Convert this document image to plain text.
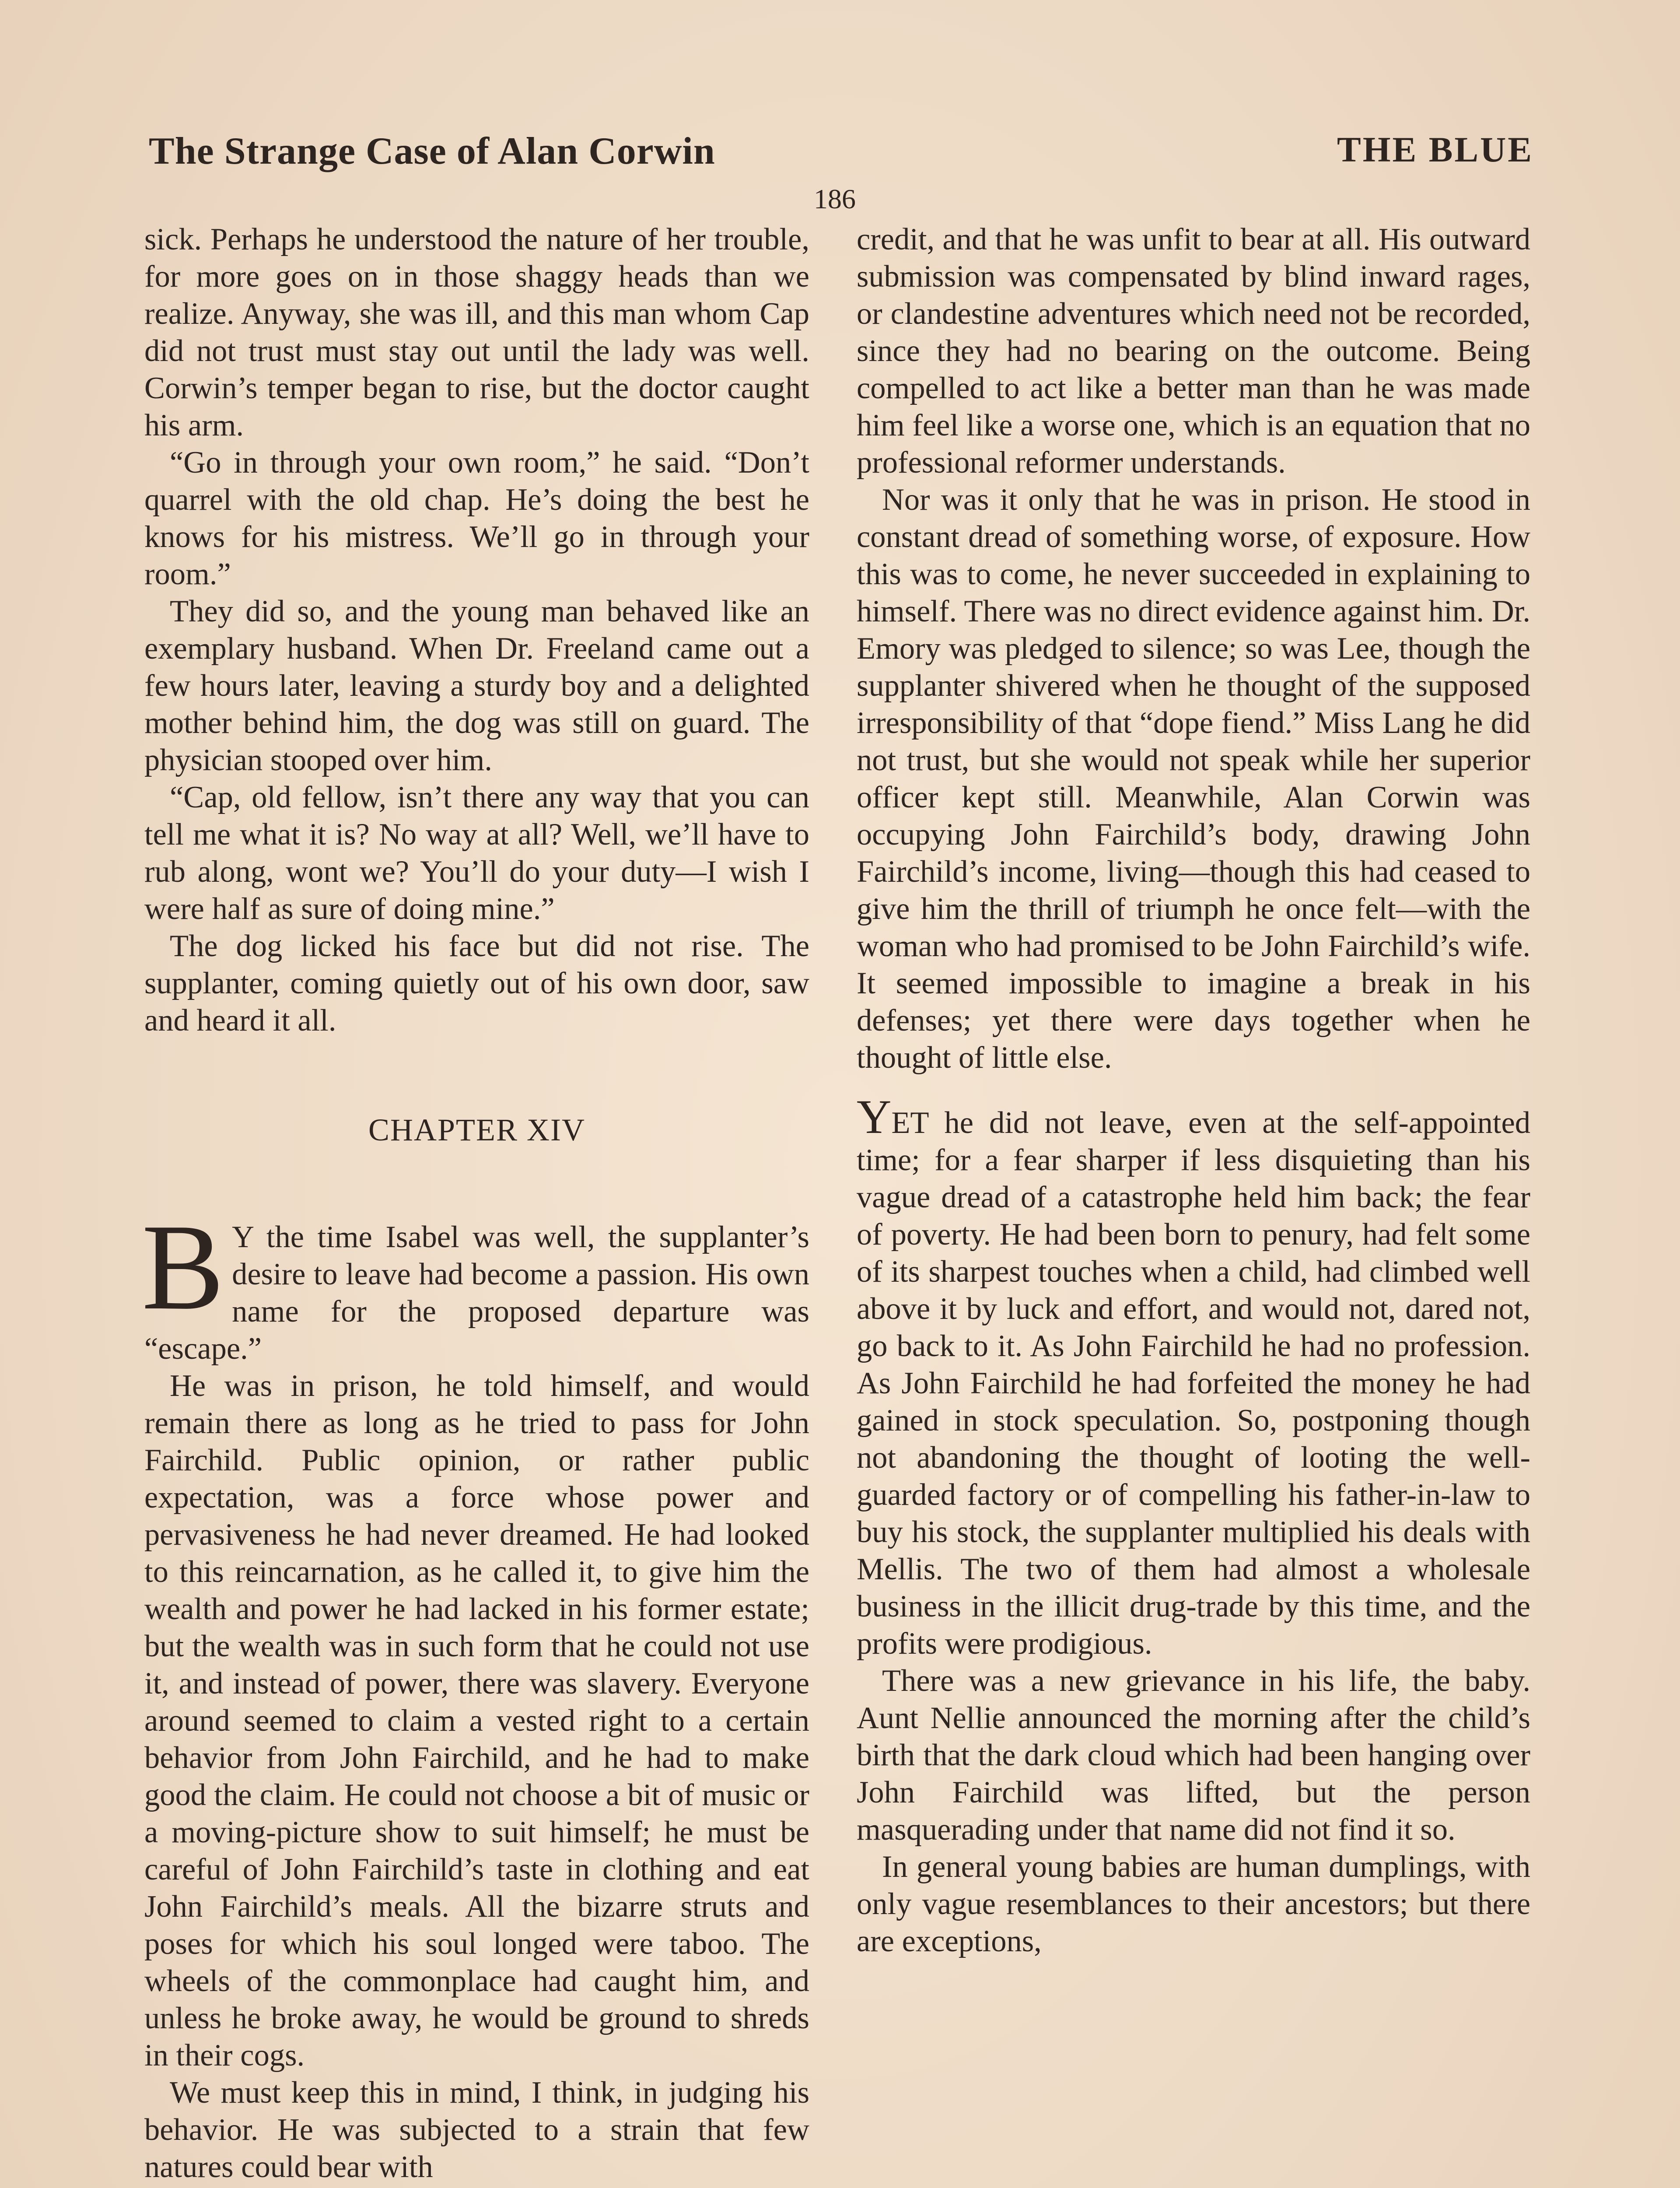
The Strange Case of Alan Corwin	THE BLUE
186

sick. Perhaps he understood the nature of her trouble, for more goes on in those shaggy heads than we realize. Anyway, she was ill, and this man whom Cap did not trust must stay out until the lady was well. Corwin’s temper began to rise, but the doctor caught his arm.

“Go in through your own room,” he said. “Don’t quarrel with the old chap. He’s doing the best he knows for his mistress. We’ll go in through your room.”

They did so, and the young man behaved like an exemplary husband. When Dr. Freeland came out a few hours later, leaving a sturdy boy and a delighted mother behind him, the dog was still on guard. The physician stooped over him.

“Cap, old fellow, isn’t there any way that you can tell me what it is? No way at all? Well, we’ll have to rub along, wont we? You’ll do your duty—I wish I were half as sure of doing mine.”

The dog licked his face but did not rise. The supplanter, coming quietly out of his own door, saw and heard it all.

CHAPTER XIV

B Y the time Isabel was well, the supplanter’s desire to leave had become a passion. His own name for the proposed departure was “escape.”

He was in prison, he told himself, and would remain there as long as he tried to pass for John Fairchild. Public opinion, or rather public expectation, was a force whose power and pervasiveness he had never dreamed. He had looked to this reincarnation, as he called it, to give him the wealth and power he had lacked in his former estate; but the wealth was in such form that he could not use it, and instead of power, there was slavery. Everyone around seemed to claim a vested right to a certain behavior from John Fairchild, and he had to make good the claim. He could not choose a bit of music or a moving-picture show to suit himself; he must be careful of John Fairchild’s taste in clothing and eat John Fairchild’s meals. All the bizarre struts and poses for which his soul longed were taboo. The wheels of the commonplace had caught him, and unless he broke away, he would be ground to shreds in their cogs.

We must keep this in mind, I think, in judging his behavior. He was subjected to a strain that few natures could bear with

credit, and that he was unfit to bear at all. His outward submission was compensated by blind inward rages, or clandestine adventures which need not be recorded, since they had no bearing on the outcome. Being compelled to act like a better man than he was made him feel like a worse one, which is an equation that no professional reformer understands.

Nor was it only that he was in prison. He stood in constant dread of something worse, of exposure. How this was to come, he never succeeded in explaining to himself. There was no direct evidence against him. Dr. Emory was pledged to silence; so was Lee, though the supplanter shivered when he thought of the supposed irresponsibility of that “dope fiend.” Miss Lang he did not trust, but she would not speak while her superior officer kept still. Meanwhile, Alan Corwin was occupying John Fairchild’s body, drawing John Fairchild’s income, living—though this had ceased to give him the thrill of triumph he once felt—with the woman who had promised to be John Fairchild’s wife. It seemed impossible to imagine a break in his defenses; yet there were days together when he thought of little else.

YET he did not leave, even at the self-appointed time; for a fear sharper if less disquieting than his vague dread of a catastrophe held him back; the fear of poverty. He had been born to penury, had felt some of its sharpest touches when a child, had climbed well above it by luck and effort, and would not, dared not, go back to it. As John Fairchild he had no profession. As John Fairchild he had forfeited the money he had gained in stock speculation. So, postponing though not abandoning the thought of looting the well-guarded factory or of compelling his father-in-law to buy his stock, the supplanter multiplied his deals with Mellis. The two of them had almost a wholesale business in the illicit drug-trade by this time, and the profits were prodigious.

There was a new grievance in his life, the baby. Aunt Nellie announced the morning after the child’s birth that the dark cloud which had been hanging over John Fairchild was lifted, but the person masquerading under that name did not find it so.

In general young babies are human dumplings, with only vague resemblances to their ancestors; but there are exceptions,
